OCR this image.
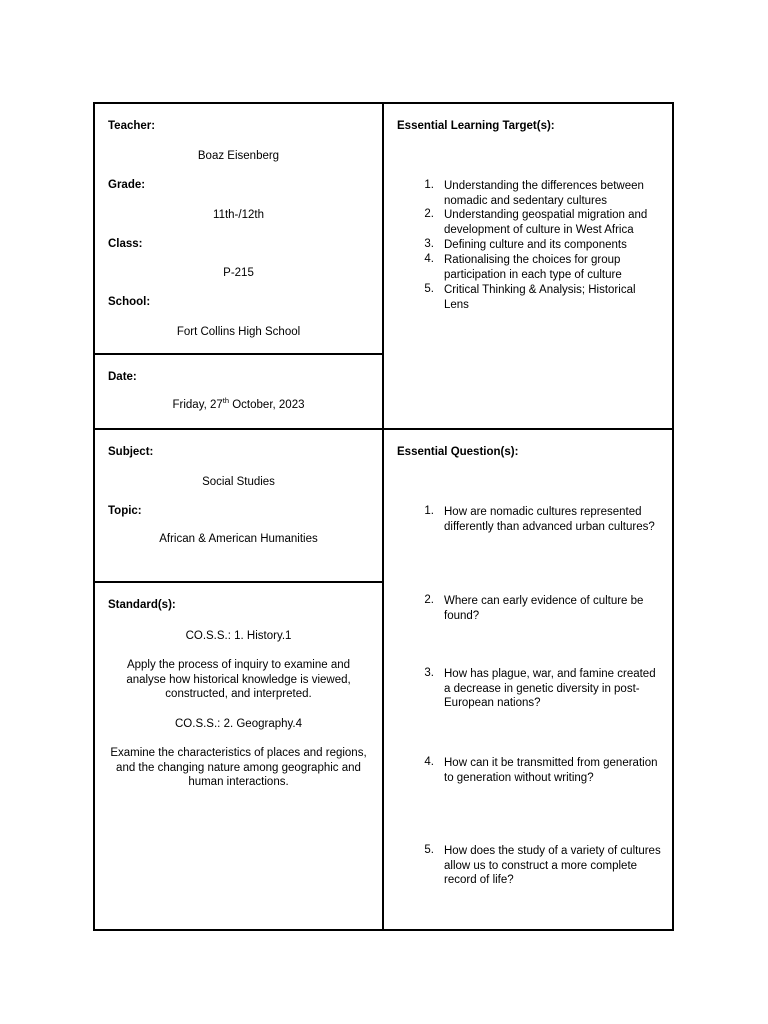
Teacher:
Boaz Eisenberg
Grade:
11th-/12th
Class:
P-215
School:
Fort Collins High School
Date:
Friday, 27th October, 2023
Essential Learning Target(s):
1. Understanding the differences between nomadic and sedentary cultures
2. Understanding geospatial migration and development of culture in West Africa
3. Defining culture and its components
4. Rationalising the choices for group participation in each type of culture
5. Critical Thinking & Analysis; Historical Lens
Subject:
Social Studies
Topic:
African & American Humanities
Standard(s):
CO.S.S.: 1. History.1
Apply the process of inquiry to examine and analyse how historical knowledge is viewed, constructed, and interpreted.
CO.S.S.: 2. Geography.4
Examine the characteristics of places and regions, and the changing nature among geographic and human interactions.
Essential Question(s):
1. How are nomadic cultures represented differently than advanced urban cultures?
2. Where can early evidence of culture be found?
3. How has plague, war, and famine created a decrease in genetic diversity in post-European nations?
4. How can it be transmitted from generation to generation without writing?
5. How does the study of a variety of cultures allow us to construct a more complete record of life?
